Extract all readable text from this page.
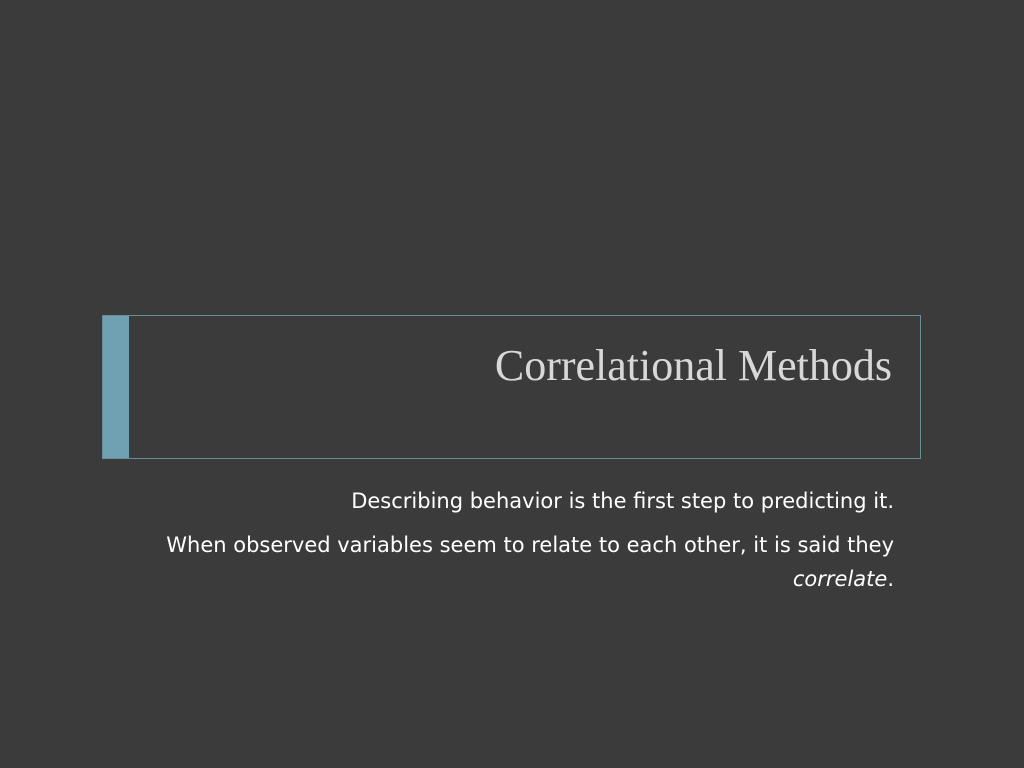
Correlational Methods

Describing behavior is the first step to predicting it.

When observed variables seem to relate to each other, it is said they correlate.
